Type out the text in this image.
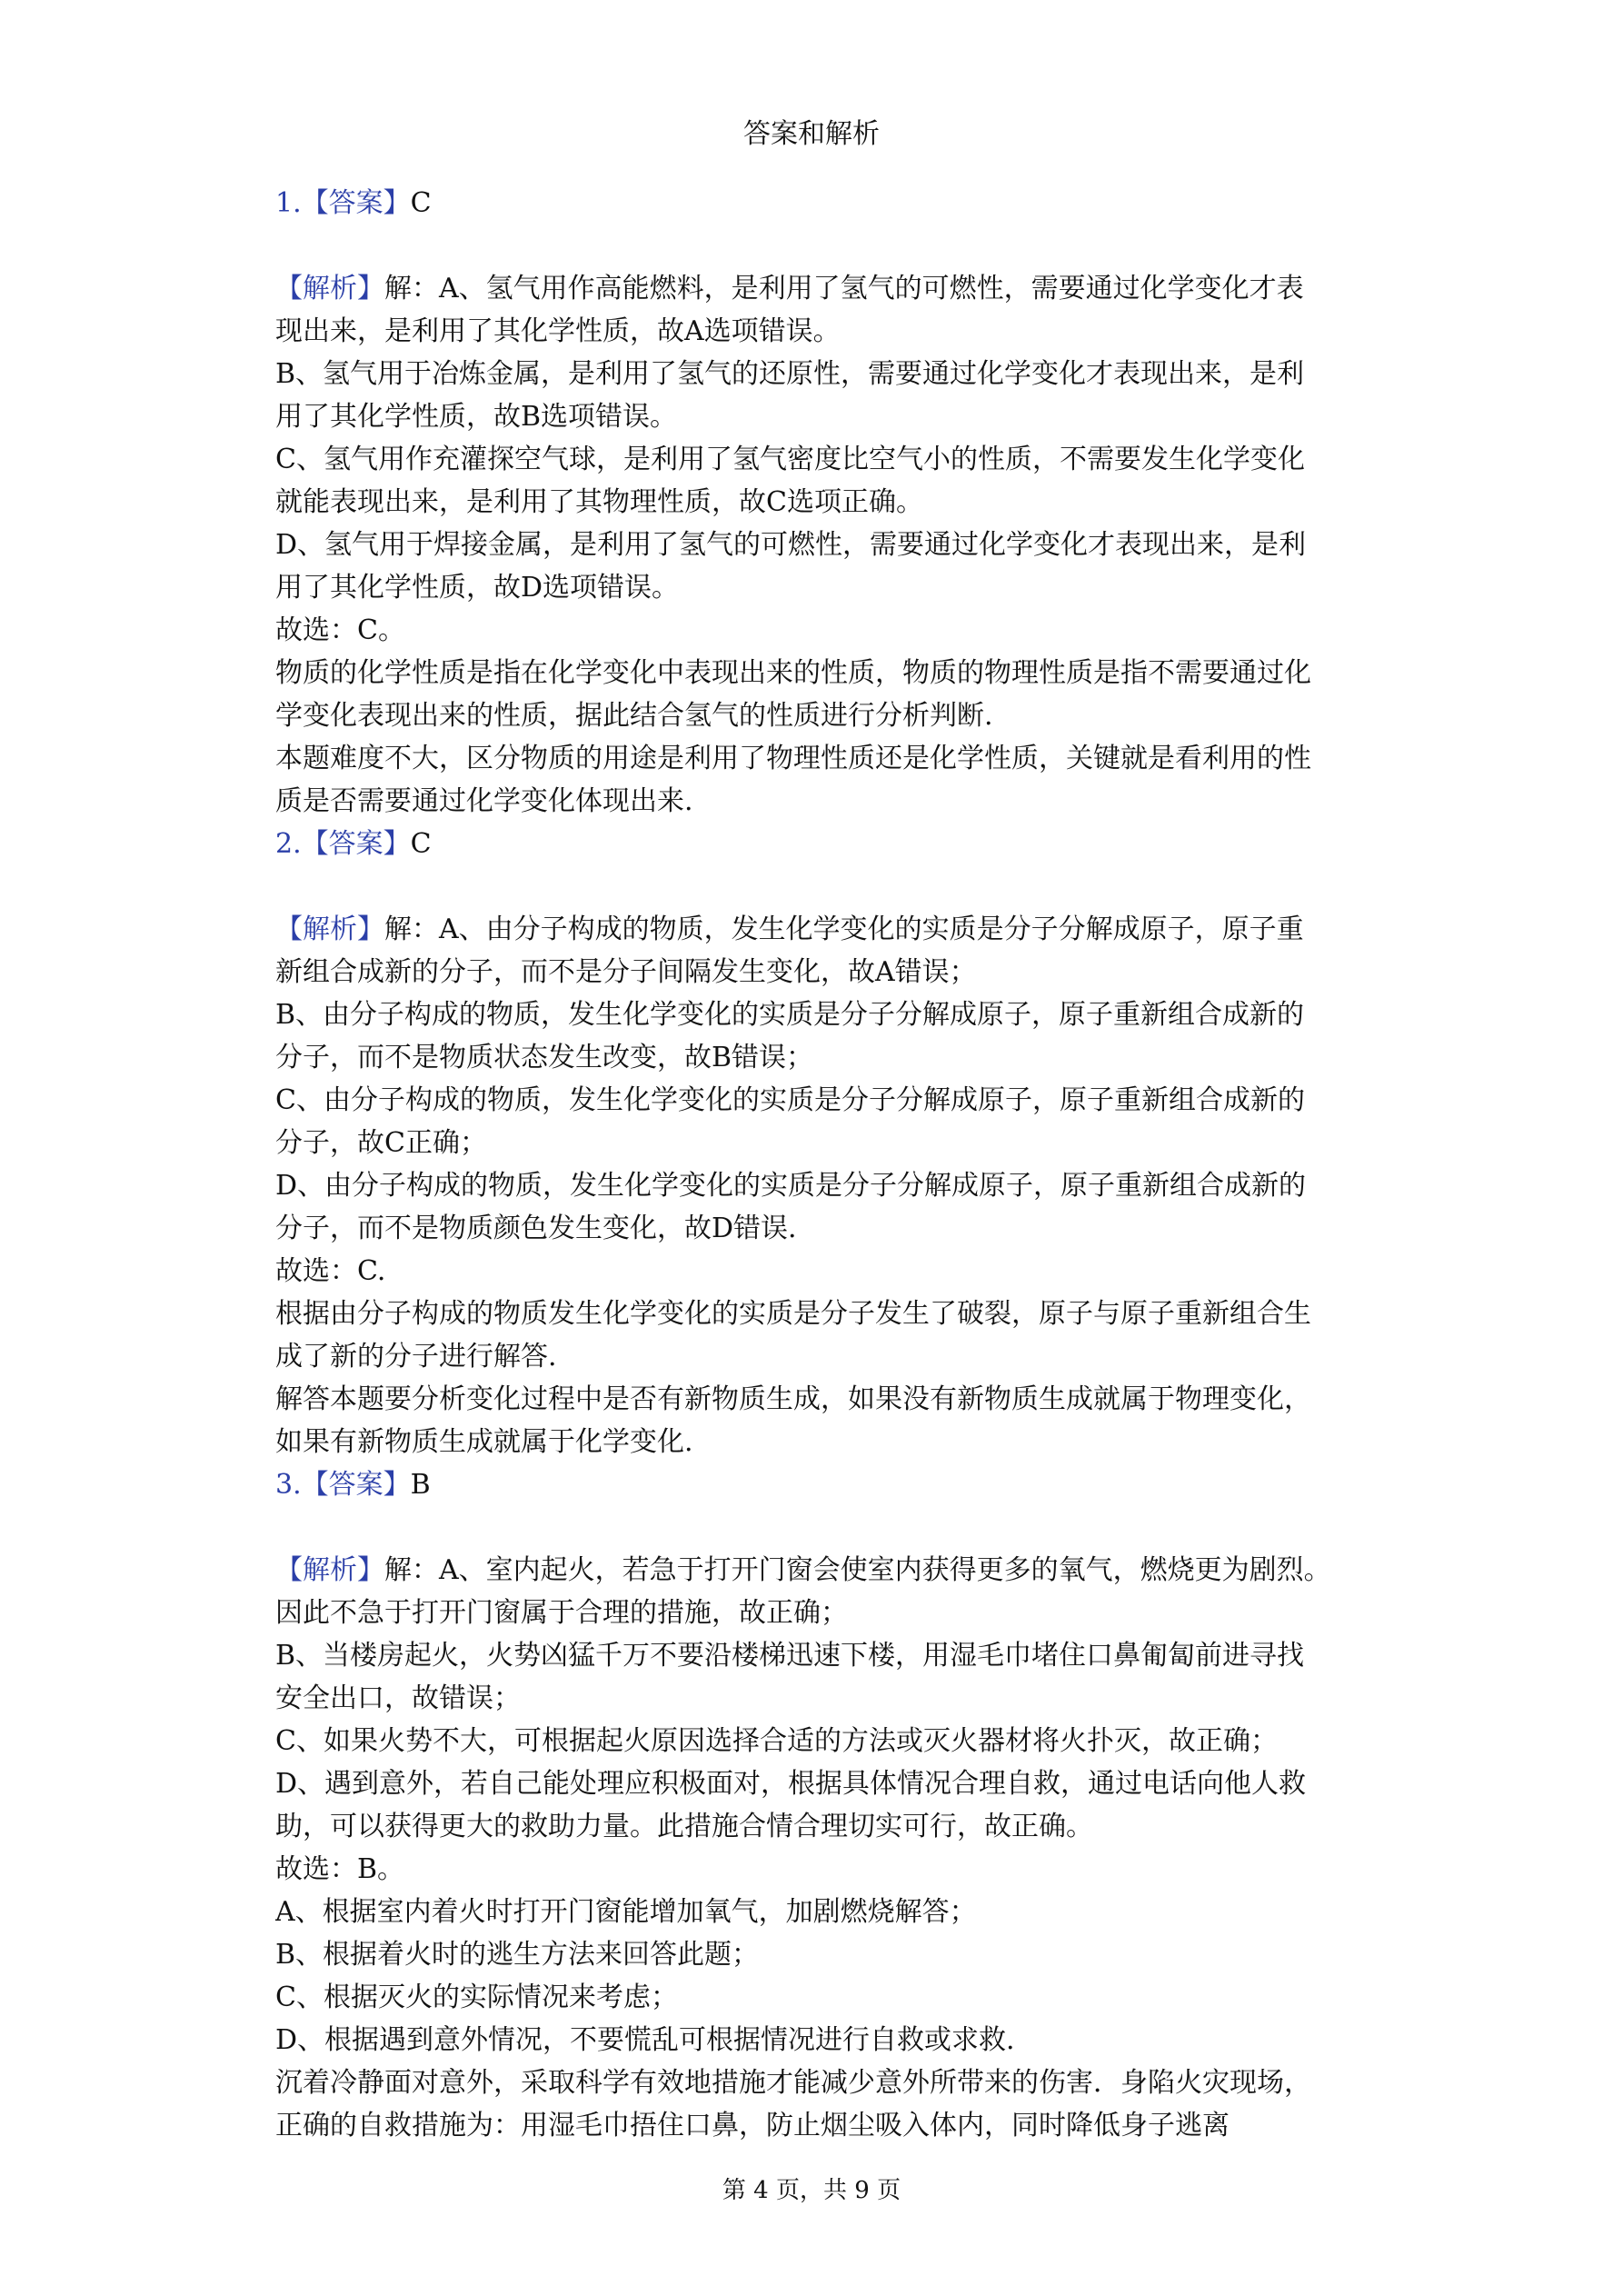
答案和解析
1.【答案】C
【解析】解：A、氢气用作高能燃料，是利用了氢气的可燃性，需要通过化学变化才表
现出来，是利用了其化学性质，故A选项错误。
B、氢气用于冶炼金属，是利用了氢气的还原性，需要通过化学变化才表现出来，是利
用了其化学性质，故B选项错误。
C、氢气用作充灌探空气球，是利用了氢气密度比空气小的性质，不需要发生化学变化
就能表现出来，是利用了其物理性质，故C选项正确。
D、氢气用于焊接金属，是利用了氢气的可燃性，需要通过化学变化才表现出来，是利
用了其化学性质，故D选项错误。
故选：C。
物质的化学性质是指在化学变化中表现出来的性质，物质的物理性质是指不需要通过化
学变化表现出来的性质，据此结合氢气的性质进行分析判断.
本题难度不大，区分物质的用途是利用了物理性质还是化学性质，关键就是看利用的性
质是否需要通过化学变化体现出来.
2.【答案】C
【解析】解：A、由分子构成的物质，发生化学变化的实质是分子分解成原子，原子重
新组合成新的分子，而不是分子间隔发生变化，故A错误；
B、由分子构成的物质，发生化学变化的实质是分子分解成原子，原子重新组合成新的
分子，而不是物质状态发生改变，故B错误；
C、由分子构成的物质，发生化学变化的实质是分子分解成原子，原子重新组合成新的
分子，故C正确；
D、由分子构成的物质，发生化学变化的实质是分子分解成原子，原子重新组合成新的
分子，而不是物质颜色发生变化，故D错误.
故选：C.
根据由分子构成的物质发生化学变化的实质是分子发生了破裂，原子与原子重新组合生
成了新的分子进行解答.
解答本题要分析变化过程中是否有新物质生成，如果没有新物质生成就属于物理变化，
如果有新物质生成就属于化学变化.
3.【答案】B
【解析】解：A、室内起火，若急于打开门窗会使室内获得更多的氧气，燃烧更为剧烈。
因此不急于打开门窗属于合理的措施，故正确；
B、当楼房起火，火势凶猛千万不要沿楼梯迅速下楼，用湿毛巾堵住口鼻匍匐前进寻找
安全出口，故错误；
C、如果火势不大，可根据起火原因选择合适的方法或灭火器材将火扑灭，故正确；
D、遇到意外，若自己能处理应积极面对，根据具体情况合理自救，通过电话向他人救
助，可以获得更大的救助力量。此措施合情合理切实可行，故正确。
故选：B。
A、根据室内着火时打开门窗能增加氧气，加剧燃烧解答；
B、根据着火时的逃生方法来回答此题；
C、根据灭火的实际情况来考虑；
D、根据遇到意外情况，不要慌乱可根据情况进行自救或求救.
沉着冷静面对意外，采取科学有效地措施才能减少意外所带来的伤害．身陷火灾现场，
正确的自救措施为：用湿毛巾捂住口鼻，防止烟尘吸入体内，同时降低身子逃离
第 4 页，共 9 页
